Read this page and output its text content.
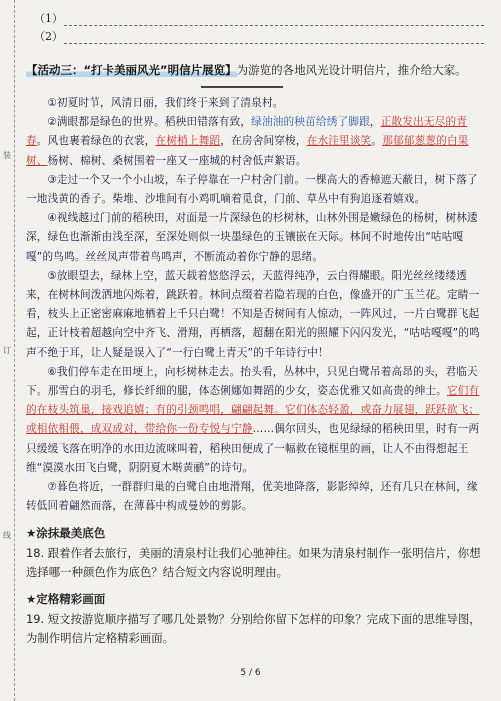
装
订
线
（1）
（2）
【活动三：“打卡美丽风光”明信片展览】为游览的各地风光设计明信片，推介给大家。

①初夏时节，风清日丽，我们终于来到了清泉村。

②满眼都是绿色的世界。稻秧田错落有致，绿油油的秧苗给绣了脚跟，正散发出无尽的青春。风也裹着绿色的衣裳，在树梢上舞蹈，在房舍间穿梭，在水洼里谈笑。那郁郁葱葱的白果树、杨树、棉树、桑树围着一座又一座城的村舍低声絮语。

③走过一个又一个小山坡，车子停靠在一户村舍门前。一棵高大的香樟遮天蔽日，树下落了一地浅黄的香子。柴堆、沙堆间有小鸡叽嘀着觅食，门前、草丛中有狗追逐着嬉戏。

④视线越过门前的稻秧田，对面是一片深绿色的杉树林，山林外围是嫩绿色的杨树，树林逶深，绿色也渐渐由浅至深，至深处则似一块墨绿色的玉镶嵌在天际。林间不时地传出“咕咕嘎嘎”的鸟鸣。丝丝凤声带着鸟鸣声，不断流动着你宁静的思绪。

⑤放眼望去，绿林上空，蓝天载着悠悠浮云，天蓝得纯净，云白得耀眼。阳光丝丝缕缕透来，在树林间泼洒地闪烁着，跳跃着。林间点缀着若隐若现的白色，像盛开的广玉兰花。定睛一看，枝头上正密密麻麻地栖着上千只白鹭！不知是否树间有人惊动，一阵风过，一片白鹭群飞起起，正计枝着超越向空中齐飞、滑翔，再栖落，超翻在阳光的照耀下闪闪发光，“咕咕嘎嘎”的鸣声不绝于耳，让人疑是误入了“一行白鹭上青天”的千年诗行中！

⑥我们停车走在田埂上，向杉树林走去。抬头看，丛林中，只见白鹭吊着高昂的头，君临天下。那雪白的羽毛，修长纤细的腿，体态俐娜如舞蹈的少女，姿态优雅又如高贵的绅士。它们有的在枝头筑巢，接戏追嬉；有的引颈鸣唱，翩翩起舞。它们体态轻盈，或奋力展翅，跃跃欲飞；或相依相偎，成双成对，带给你一份专悦与宁静……偶尔回头，也见绿绿的稻秧田里，时有一两只缓缓飞落在明净的水田边流咪叫着，稻秧田便成了一幅救在镜框里的画，让人不由得想起王维“漠漠水田飞白鹭，阴阴夏木啭黄鹂”的诗句。

⑦暮色将近，一群群归巢的白鹭自由地滑翔，优美地降落，影影绰绰，还有几只在林间，缘转低回着翩然而落，在薄暮中构成曼妙的剪影。

★涂抹最美底色
18. 跟着作者去旅行，美丽的清泉村让我们心驰神往。如果为清泉村制作一张明信片，你想选择哪一种颜色作为底色？结合短文内容说明理由。
★定格精彩画面
19. 短文按游览顺序描写了哪几处景物？分别给你留下怎样的印象？完成下面的思维导图，为制作明信片定格精彩画面。
5 / 6
